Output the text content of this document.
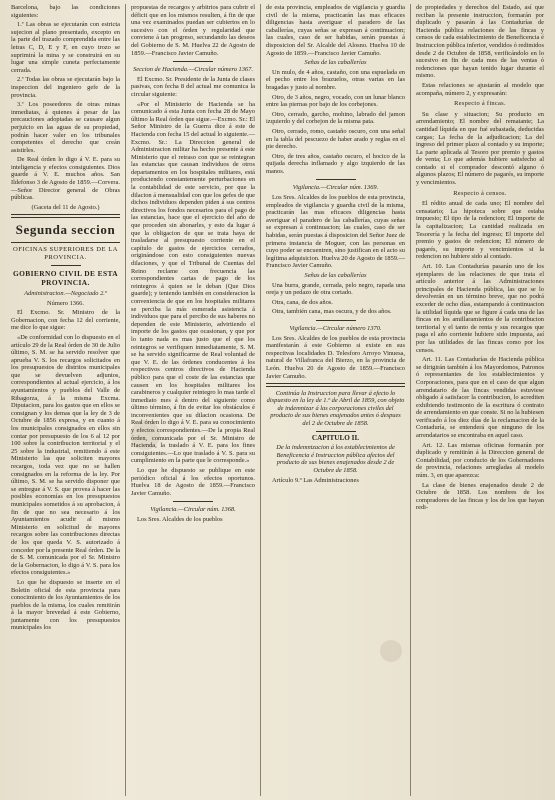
Barcelona, bajo las condiciones siguientes:

1.ª Las obras se ejecutarán con estricta sujecion al plano presentado, excepto en la parte del trazado comprendida entre las letras C, D, E y F, en cuyo trozo se suprimirá la mina y se construirá en su lugar una simple cuneta perfectamente cerrada.

2.ª Todas las obras se ejecutarán bajo la inspeccion del ingeniero gefe de la provincia.

3.ª Los poseedores de otras minas inmediatas, á quienes á pesar de las precauciones adoptadas se causare algun perjuicio en las aguas de su propiedad, podrán hacer valer en los tribunales competentes el derecho que creán asistirles.

De Real órden lo digo á V. E. para su inteligencia y efectos consiguientes. Dios guarde á V. E. muchos años. San Ildefonso 3 de Agosto de 1859.—Corvera.—Señor Director general de Obras públicas.

(Gaceta del 11 de Agosto.)

Segunda seccion
OFICINAS SUPERIORES DE LA PROVINCIA.
GOBIERNO CIVIL DE ESTA PROVINCIA.

Administracion.—Negociado 2.º

Número 1366.

El Excmo. Sr. Ministro de la Gobernacion, con fecha 12 del corriente, me dice lo que sigue:

«De conformidad con lo dispuesto en el artículo 29 de la Real órden de 30 de Julio último, S. M. se ha servido resolver que aprueba V. S. los recargos solicitados en los presupuestos de distritos municipales que se devuelven adjuntos, correspondientes al actual ejercicio, á los ayuntamientos y pueblos del Valle de Ribagorza, á la misma Excma. Diputacion, para los gastos que en ellos se consignan y los demas que la ley de 3 de Octubre de 1856 expresa, y en cuanto á los municipales consignados en ellos sin contar por presupuesto de los 6 al 12 por 100 sobre la contribucion territorial y el 25 sobre la industrial, remitiendo á este Ministerio las que soliciten mayores recargos, toda vez que no se hallen consignados en la reforma de la ley. Por último, S. M. se ha servido disponer que se entregue á V. S. que provea á hacer las posibles economías en los presupuestos municipales sometidos á su aprobacion, á fin de que no sea necesario á los Ayuntamientos acudir al mismo Ministerio en solicitud de mayores recargos sobre las contribuciones directas de los que queda V. S. autorizado á conceder por la presente Real órden. De la de S. M. comunicada por el Sr. Ministro de la Gobernacion, lo digo á V. S. para los efectos consiguientes.»

Lo que he dispuesto se inserte en el Boletin oficial de esta provincia para conocimiento de los Ayuntamientos de los pueblos de la misma, los cuales remitirán á la mayor brevedad á este Gobierno, juntamente con los presupuestos municipales los

propuestas de recargos y arbitrios para cubrir el déficit que en los mismos resulten, á fin de que una vez examinados puedan ser cubiertos en lo sucesivo con el órden y regularidad que conviene á tan progreso, secundando las deseos del Gobierno de S. M. Huelva 22 de Agosto de 1859.—Francisco Javier Camuño.

Seccion de Hacienda.—Circular número 1367.

El Excmo. Sr. Presidente de la Junta de clases pasivas, con fecha 8 del actual me comunica la circular siguiente:

«Por el Ministerio de Hacienda se ha comunicado á esta Junta con fecha 28 de Mayo último la Real órden que sigue.—Excmo. Sr.: El Señor Ministro de la Guerra dice á este de Hacienda con fecha 15 del actual lo siguiente.—Excmo. Sr.: La Direccion general de Administracion militar ha hecho presente á este Ministerio que el retraso con que se reintegran las estancias que causan individuos de otros departamentos en los hospitales militares, está produciendo constantemente perturbaciones en la contabilidad de este servicio, por que la dilacion á mensualidad con que los gefes de que dichos individuos dependen piden á sus centros directivos los fondos necesarios para el pago de las estancias, hace que el ejercicio del año de que proceden sin abonarles, y esto da lugar á que la obligacion de que se trata haya de trasladarse al presupuesto corriente en el capítulo de gastos de ejercicios cerrados, originándose con esto consiguientes nuevas dilaciones, y que el Tribunal de Cuentas del Reino reclame con frecuencia las correspondientes cartas de pago de los reintegros á quien se le deban (Que Dios guarde); y teniendo también en consideracion la conveniencia de que en los hospitales militares se perciba la más esmerada asistencia á individuos que para el percibo de sus haberes no dependen de este Ministerio, advirtiendo el importe de los gastos que ocasionan, y que por lo tanto nada es mas justo que el que los reintegros se verifiquen inmediatamente, S. M. se ha servido significarme de Real voluntad de que V. E. de las órdenes conducentes á los respectivos centros directivos de Hacienda público para que el coste de las estancias que causen en los hospitales militares los carabineros y cualquier reintegro lo mas tarde el inmediato mes á dentro del siguiente como último término, á fin de evitar los obstáculos é inconvenientes que su dilacion ocasiona. De Real órden lo digo á V. E. para su conocimiento y efectos correspondientes.—De la propia Real órden, comunicada por el Sr. Ministro de Hacienda, la traslado á V. E. para los fines consiguientes.—Lo que traslado á V. S. para su cumplimiento en la parte que le corresponde.»

Lo que he dispuesto se publique en este periódico oficial á los efectos oportunos. Huelva 18 de Agosto de 1859.—Francisco Javier Camuño.

Vigilancia.—Circular núm. 1368.

Los Sres. Alcaldes de los pueblos

de esta provincia, empleados de vigilancia y guardia civil de la misma, practicarán las mas eficaces diligencias hasta averiguar el paradero de las caballerías, cuyas señas se expresan á continuacion; las cuales, caso de ser habidas, serán puestas á disposicion del Sr. Alcalde del Alosno. Huelva 10 de Agosto de 1859.—Francisco Javier Camuño.

Señas de las caballerías

Un mulo, de 4 años, castaño, con una espuelada en el pecho entre los brazuelos, otras varias en las bragadas y justo al nombre.

Otro, de 3 años, negro, vocado, con un lunar blanco entre las piernas por bajo de los corbejones.

Otro, cerrado, garcho, mohino, labrado del jamon izquierdo y del corbejon de la misma pata.

Otro, cerrado, romo, castaño oscuro, con una señal en la tabla del pescuezo de haber arado y reglas en el pie derecho.

Otro, de tres años, castaño oscuro, el hocico de la quijada derecha inflamado y algo izquierdo de las manos.

Vigilancia.—Circular núm. 1369.

Los Sres. Alcaldes de los pueblos de esta provincia, empleados de vigilancia y guardia civil de la misma, practicarán las mas eficaces diligencias hasta averiguar el paradero de las caballerías, cuyas señas se expresan á continuacion; las cuales, caso de ser habidas, serán puestas á disposicion del Señor Juez de primera instancia de Moguer, con las personas en cuyo poder se encuentren, sino justifican en el acto su legítima adquisicion. Huelva 20 de Agosto de 1859.—Francisco Javier Camuño.

Señas de las caballerías

Una burra, grande, cerrada, pelo negro, rapada una oreja y un pedazo de otra cortado.

Otra, cana, de dos años.

Otra, también cana, mas oscura, y de dos años.

Vigilancia.—Circular número 1370.

Los Sres. Alcaldes de los pueblos de esta provincia manifestarán á este Gobierno si existe en sus respectivas localidades D. Telesforo Arroyo Vinuesa, natural de Villafranca del Bierzo, en la provincia de León. Huelva 20 de Agosto de 1859.—Francisco Javier Camuño.

Continúa la Instruccion para llevar á efecto lo dispuesto en la ley de 1.º de Abril de 1859, con objeto de indemnizar á las corporaciones civiles del producto de sus bienes enajenados antes ó despues del 2 de Octubre de 1858.

CAPITULO II.

De la indemnizacion á los establecimientos de Beneficencia é Instruccion pública afectos del producto de sus bienes enajenados desde 2 de Octubre de 1858.

Artículo 9.º Las Administraciones

de propiedades y derechos del Estado, así que reciban la presente instruccion, formarán por duplicado y pasarán á las Contadurías de Hacienda pública relaciones de las fincas y censos de cada establecimiento de Beneficencia é Instruccion pública inferior, vendidos ó redimidos desde 2 de Octubre de 1858, verificándolo en lo sucesivo en fin de cada mes de las ventas ó redenciones que hayan tenido lugar durante el mismo.

Estas relaciones se ajustarán al modelo que acompaña, número 2, y expresarán:

Respecto á fincas.

Su clase y situacion; Su producto en arrendamiento; El nombre del rematante; La cantidad líquida en que fué subastada, deducidas cargas; La fecha de la adjudicacion; La del ingreso del primer plazo al contado y su importe; La parte aplicada al Tesoro por premio y gastos de venta; Lo que además hubiere satisfecho al contado si el comprador descontó alguno ó algunos plazos; El número de pagarés, su importe y vencimientos.

Respecto á censos.

El rédito anual de cada uno; El nombre del censatario; La hipoteca sobre que estaba impuesto; El tipo de la redencion; El importe de la capitalizacion; La cantidad realizada en Tesorería y la fecha del ingreso; El importe del premio y gastos de redencion; El número de pagarés, su importe y vencimientos si la redencion no hubiere sido al contado.

Art. 10. Las Contadurías pasarán uno de los ejemplares de las relaciones de que trata el artículo anterior á las Administraciones principales de Hacienda pública, las que se lo devolverán en un término breve, que no podrá exceder de ocho días, estampando á continuacion la utilidad líquida que se figure á cada una de las fincas en los amillaramientos de la contribucion territorial y el tanto de renta y sus recargos que paga el año corriente hubiere sido impuesta, así por las utilidades de las fincas como por los censos.

Art. 11. Las Contadurías de Hacienda pública se dirigirán también á los Mayordomos, Patronos ó representantes de los establecimientos y Corporaciones, para que en el caso de que algun arrendatario de las fincas vendidas estuviese obligado á satisfacer la contribucion, lo acrediten exhibiendo testimonio de la escritura ó contrato de arrendamiento en que conste. Si no la hubiesen verificado á los diez días de la reclamacion de la Contaduría, se entenderá que ninguno de los arrendatarios se encontraba en aquel caso.

Art. 12. Las mismas oficinas formarán por duplicado y remitirán á la Direccion general de Contabilidad, por conducto de los Gobernadores de provincia, relaciones arregladas al modelo núm. 3, en que aparezca:

La clase de bienes enajenados desde 2 de Octubre de 1858. Los nombres de los compradores de las fincas y los de los que hayan redi-
